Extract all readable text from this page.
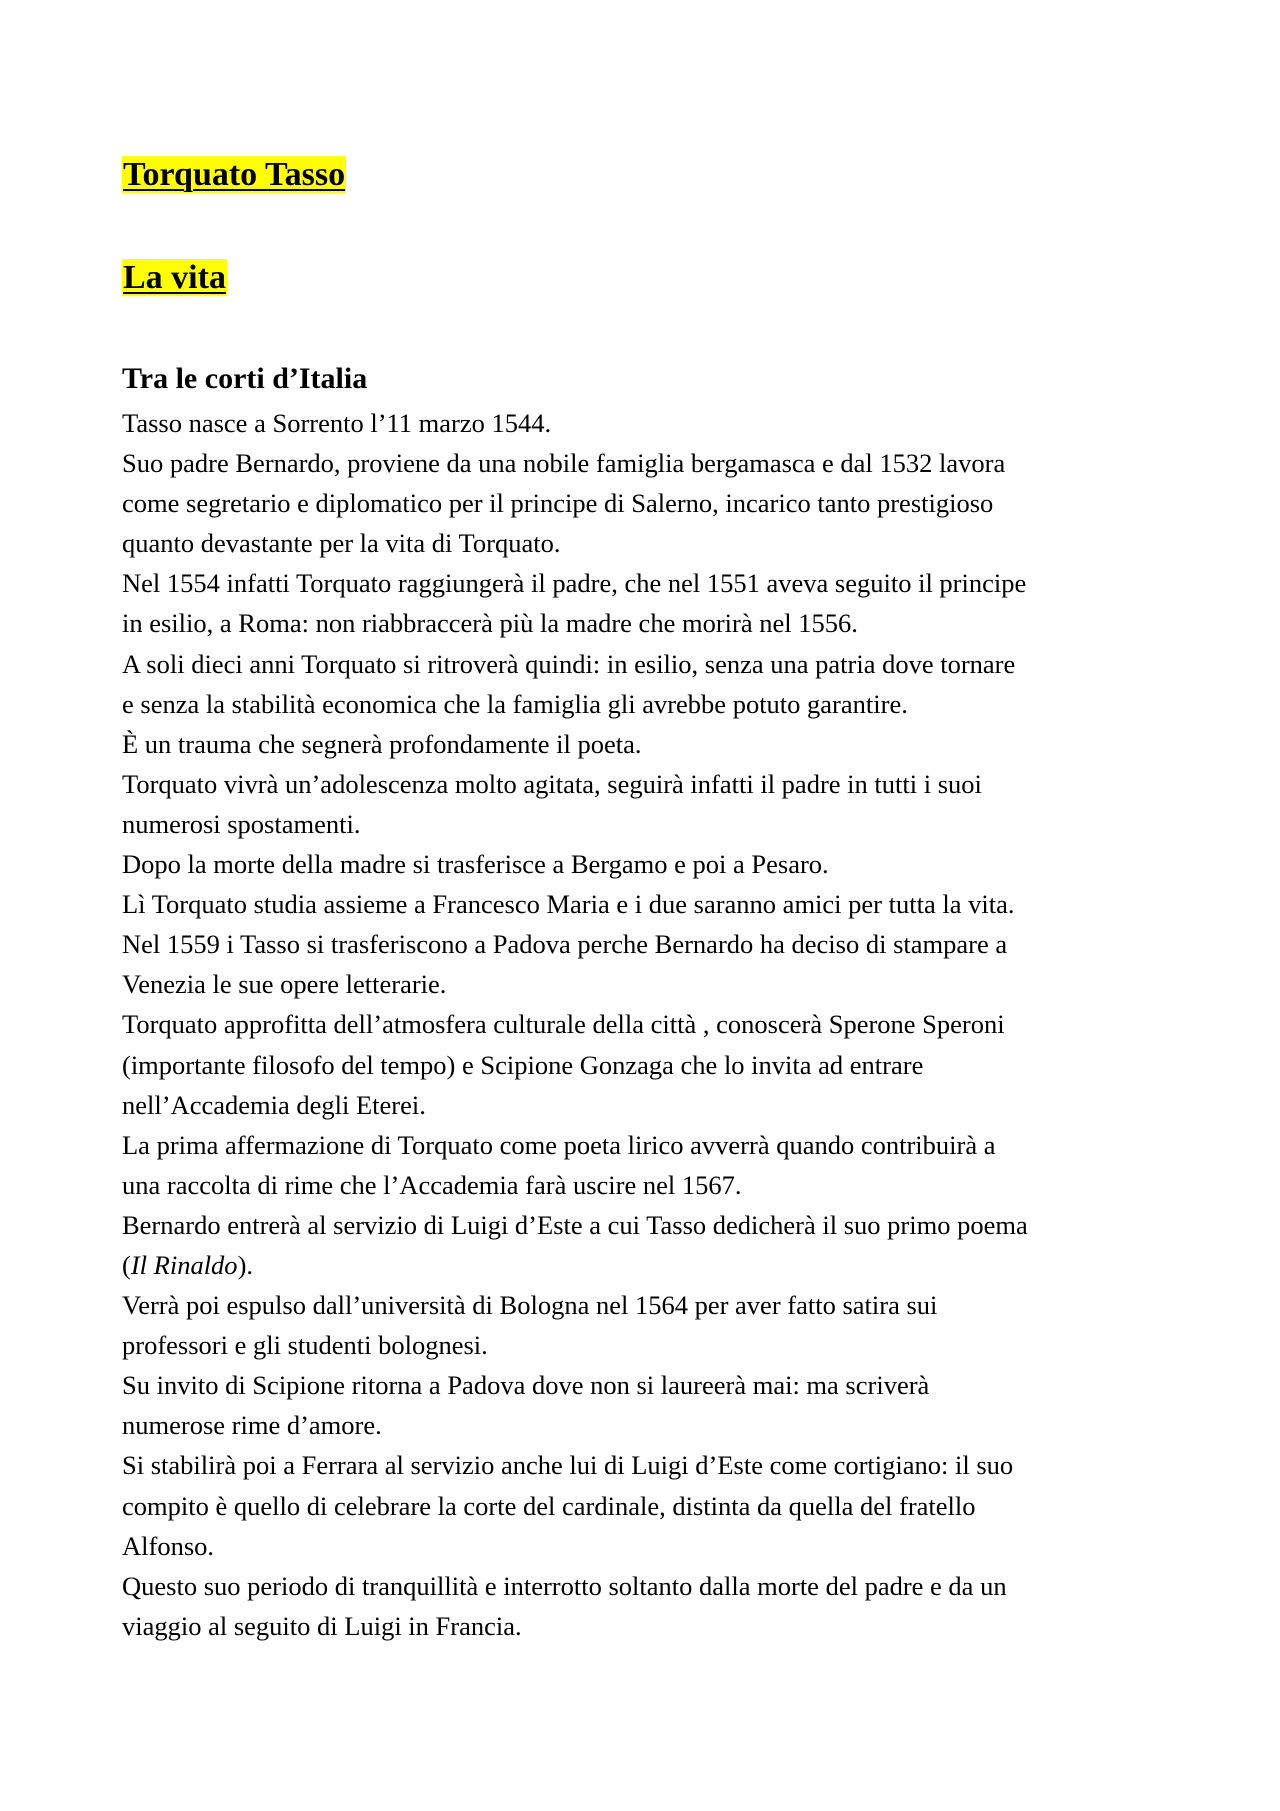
Torquato Tasso
La vita
Tra le corti d’Italia
Tasso nasce a Sorrento l’11 marzo 1544.
Suo padre Bernardo, proviene da una nobile famiglia bergamasca e dal 1532 lavora
come segretario e diplomatico per il principe di Salerno, incarico tanto prestigioso
quanto devastante per la vita di Torquato.
Nel 1554 infatti Torquato raggiungerà il padre, che nel 1551 aveva seguito il principe
in esilio, a Roma: non riabbraccerà più la madre che morirà nel 1556.
A soli dieci anni Torquato si ritroverà quindi: in esilio, senza una patria dove tornare
e senza la stabilità economica che la famiglia gli avrebbe potuto garantire.
È un trauma che segnerà profondamente il poeta.
Torquato vivrà un’adolescenza molto agitata, seguirà infatti il padre in tutti i suoi
numerosi spostamenti.
Dopo la morte della madre si trasferisce a Bergamo e poi a Pesaro.
Lì Torquato studia assieme a Francesco Maria e i due saranno amici per tutta la vita.
Nel 1559 i Tasso si trasferiscono a Padova perche Bernardo ha deciso di stampare a
Venezia le sue opere letterarie.
Torquato approfitta dell’atmosfera culturale della città , conoscerà Sperone Speroni
(importante filosofo del tempo) e Scipione Gonzaga che lo invita ad entrare
nell’Accademia degli Eterei.
La prima affermazione di Torquato come poeta lirico avverrà quando contribuirà a
una raccolta di rime che l’Accademia farà uscire nel 1567.
Bernardo entrerà al servizio di Luigi d’Este a cui Tasso dedicherà il suo primo poema
(Il Rinaldo).
Verrà poi espulso dall’università di Bologna nel 1564 per aver fatto satira sui
professori e gli studenti bolognesi.
Su invito di Scipione ritorna a Padova dove non si laureerà mai: ma scriverà
numerose rime d’amore.
Si stabilirà poi a Ferrara al servizio anche lui di Luigi d’Este come cortigiano: il suo
compito è quello di celebrare la corte del cardinale, distinta da quella del fratello
Alfonso.
Questo suo periodo di tranquillità e interrotto soltanto dalla morte del padre e da un
viaggio al seguito di Luigi in Francia.
